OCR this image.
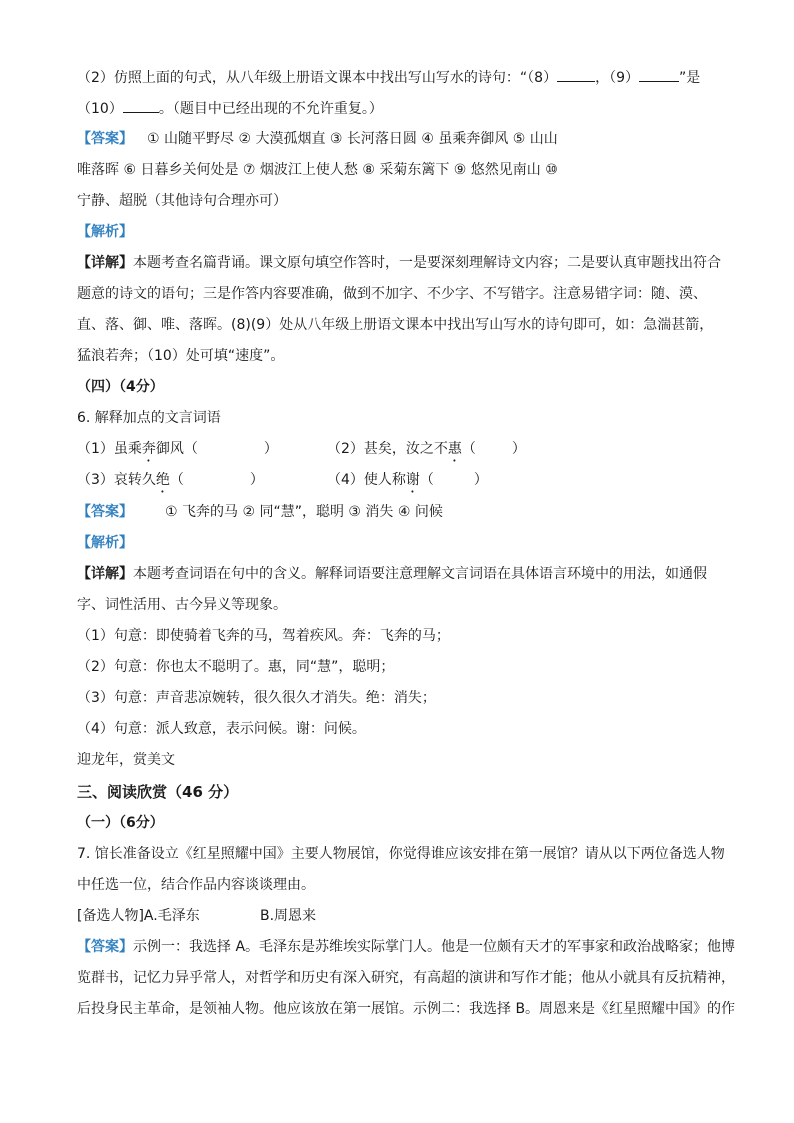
（2）仿照上面的句式，从八年级上册语文课本中找出写山写水的诗句：“（8）	，（9）	”是
（10）	。（题目中已经出现的不允许重复。）
【答案】 ① 山随平野尽 ② 大漠孤烟直 ③ 长河落日圆 ④ 虽乘奔御风 ⑤ 山山
唯落晖 ⑥ 日暮乡关何处是 ⑦ 烟波江上使人愁 ⑧ 采菊东篱下 ⑨ 悠然见南山 ⑩
宁静、超脱（其他诗句合理亦可）
【解析】
【详解】本题考查名篇背诵。课文原句填空作答时，一是要深刻理解诗文内容；二是要认真审题找出符合
题意的诗文的语句；三是作答内容要准确，做到不加字、不少字、不写错字。注意易错字词：随、漠、
直、落、御、唯、落晖。(8)(9）处从八年级上册语文课本中找出写山写水的诗句即可，如：急湍甚箭，
猛浪若奔；（10）处可填“速度”。
（四）（4分）
6. 解释加点的文言词语
（1）虽乘奔御风（	）	（2）甚矣，汝之不惠（	）
（3）哀转久绝（	）	（4）使人称谢（	）
【答案】 ① 飞奔的马 ② 同“慧”，聪明 ③ 消失 ④ 问候
【解析】
【详解】本题考查词语在句中的含义。解释词语要注意理解文言词语在具体语言环境中的用法，如通假
字、词性活用、古今异义等现象。
（1）句意：即使骑着飞奔的马，驾着疾风。奔：飞奔的马；
（2）句意：你也太不聪明了。惠，同“慧”，聪明；
（3）句意：声音悲凉婉转，很久很久才消失。绝：消失；
（4）句意：派人致意，表示问候。谢：问候。
迎龙年，赏美文
三、阅读欣赏（46 分）
（一）（6分）
7. 馆长准备设立《红星照耀中国》主要人物展馆，你觉得谁应该安排在第一展馆？请从以下两位备选人物
中任选一位，结合作品内容谈谈理由。
[备选人物]A.毛泽东	B.周恩来
【答案】示例一：我选择 A。毛泽东是苏维埃实际掌门人。他是一位颇有天才的军事家和政治战略家；他博
览群书，记忆力异乎常人，对哲学和历史有深入研究，有高超的演讲和写作才能；他从小就具有反抗精神，
后投身民主革命，是领袖人物。他应该放在第一展馆。示例二：我选择 B。周恩来是《红星照耀中国》的作
